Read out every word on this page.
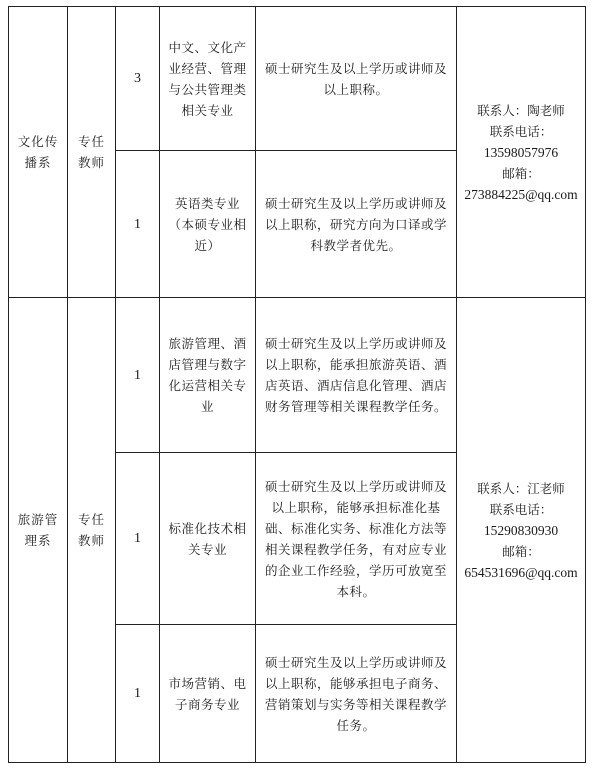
文化传播系	专任教师	3	中文、文化产业经营、管理与公共管理类相关专业	硕士研究生及以上学历或讲师及以上职称。	联系人：陶老师
联系电话：
13598057976
邮箱：
273884225@qq.com

		1	英语类专业（本硕专业相近）	硕士研究生及以上学历或讲师及以上职称，研究方向为口译或学科教学者优先。	
旅游管理系	专任教师	1	旅游管理、酒店管理与数字化运营相关专业	硕士研究生及以上学历或讲师及以上职称，能承担旅游英语、酒店英语、酒店信息化管理、酒店财务管理等相关课程教学任务。	联系人：江老师
联系电话：
15290830930
邮箱：
654531696@qq.com

		1	标准化技术相关专业	硕士研究生及以上学历或讲师及以上职称，能够承担标准化基础、标准化实务、标准化方法等相关课程教学任务，有对应专业的企业工作经验，学历可放宽至本科。	
		1	市场营销、电子商务专业	硕士研究生及以上学历或讲师及以上职称，能够承担电子商务、营销策划与实务等相关课程教学任务。	
